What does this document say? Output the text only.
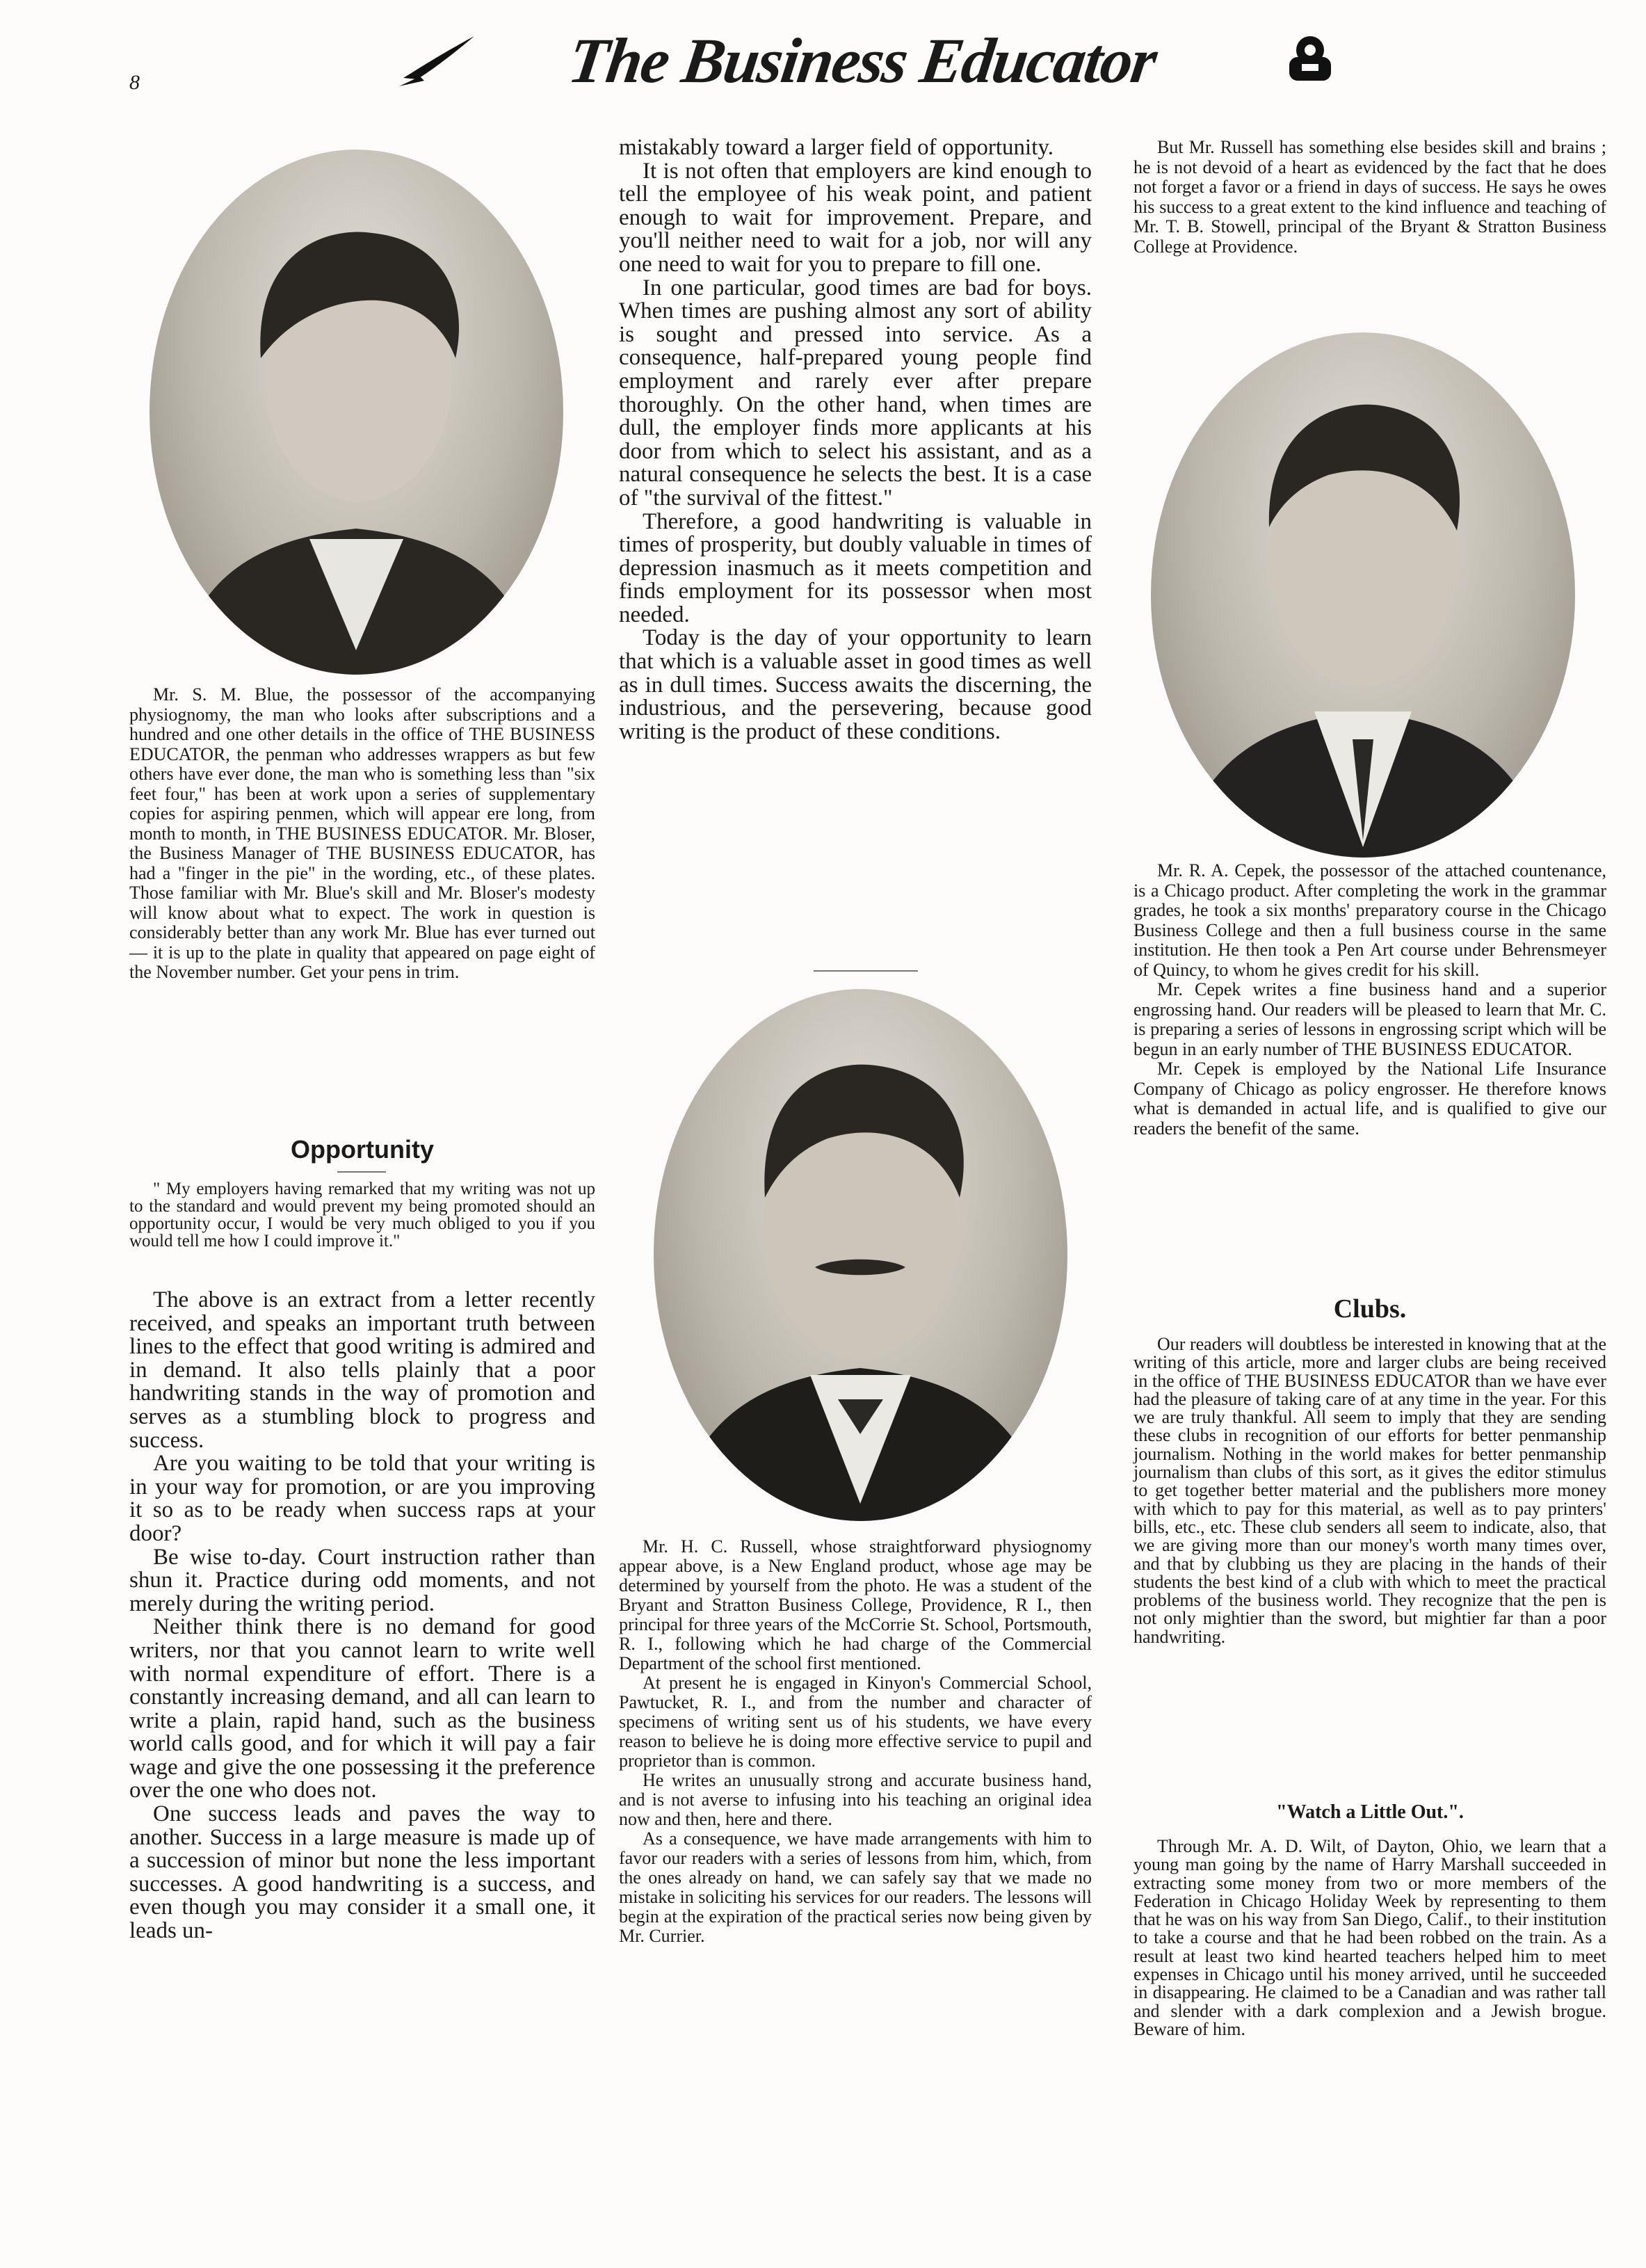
8	The Business Educator

Mr. S. M. Blue, the possessor of the accompanying physiognomy, the man who looks after subscriptions and a hundred and one other details in the office of THE BUSINESS EDUCATOR, the penman who addresses wrappers as but few others have ever done, the man who is something less than "six feet four," has been at work upon a series of supplementary copies for aspiring penmen, which will appear ere long, from month to month, in THE BUSINESS EDUCATOR. Mr. Bloser, the Business Manager of THE BUSINESS EDUCATOR, has had a "finger in the pie" in the wording, etc., of these plates. Those familiar with Mr. Blue's skill and Mr. Bloser's modesty will know about what to expect. The work in question is considerably better than any work Mr. Blue has ever turned out — it is up to the plate in quality that appeared on page eight of the November number. Get your pens in trim.

Opportunity

" My employers having remarked that my writing was not up to the standard and would prevent my being promoted should an opportunity occur, I would be very much obliged to you if you would tell me how I could improve it."

The above is an extract from a letter recently received, and speaks an important truth between lines to the effect that good writing is admired and in demand. It also tells plainly that a poor handwriting stands in the way of promotion and serves as a stumbling block to progress and success.

Are you waiting to be told that your writing is in your way for promotion, or are you improving it so as to be ready when success raps at your door?

Be wise to-day. Court instruction rather than shun it. Practice during odd moments, and not merely during the writing period.

Neither think there is no demand for good writers, nor that you cannot learn to write well with normal expenditure of effort. There is a constantly increasing demand, and all can learn to write a plain, rapid hand, such as the business world calls good, and for which it will pay a fair wage and give the one possessing it the preference over the one who does not.

One success leads and paves the way to another. Success in a large measure is made up of a succession of minor but none the less important successes. A good handwriting is a success, and even though you may consider it a small one, it leads un-

mistakably toward a larger field of opportunity.

It is not often that employers are kind enough to tell the employee of his weak point, and patient enough to wait for improvement. Prepare, and you'll neither need to wait for a job, nor will any one need to wait for you to prepare to fill one.

In one particular, good times are bad for boys. When times are pushing almost any sort of ability is sought and pressed into service. As a consequence, half-prepared young people find employment and rarely ever after prepare thoroughly. On the other hand, when times are dull, the employer finds more applicants at his door from which to select his assistant, and as a natural consequence he selects the best. It is a case of "the survival of the fittest."

Therefore, a good handwriting is valuable in times of prosperity, but doubly valuable in times of depression inasmuch as it meets competition and finds employment for its possessor when most needed.

Today is the day of your opportunity to learn that which is a valuable asset in good times as well as in dull times. Success awaits the discerning, the industrious, and the persevering, because good writing is the product of these conditions.

Mr. H. C. Russell, whose straightforward physiognomy appear above, is a New England product, whose age may be determined by yourself from the photo. He was a student of the Bryant and Stratton Business College, Providence, R I., then principal for three years of the McCorrie St. School, Portsmouth, R. I., following which he had charge of the Commercial Department of the school first mentioned.

At present he is engaged in Kinyon's Commercial School, Pawtucket, R. I., and from the number and character of specimens of writing sent us of his students, we have every reason to believe he is doing more effective service to pupil and proprietor than is common.

He writes an unusually strong and accurate business hand, and is not averse to infusing into his teaching an original idea now and then, here and there.

As a consequence, we have made arrangements with him to favor our readers with a series of lessons from him, which, from the ones already on hand, we can safely say that we made no mistake in soliciting his services for our readers. The lessons will begin at the expiration of the practical series now being given by Mr. Currier.

But Mr. Russell has something else besides skill and brains ; he is not devoid of a heart as evidenced by the fact that he does not forget a favor or a friend in days of success. He says he owes his success to a great extent to the kind influence and teaching of Mr. T. B. Stowell, principal of the Bryant & Stratton Business College at Providence.

Mr. R. A. Cepek, the possessor of the attached countenance, is a Chicago product. After completing the work in the grammar grades, he took a six months' preparatory course in the Chicago Business College and then a full business course in the same institution. He then took a Pen Art course under Behrensmeyer of Quincy, to whom he gives credit for his skill.

Mr. Cepek writes a fine business hand and a superior engrossing hand. Our readers will be pleased to learn that Mr. C. is preparing a series of lessons in engrossing script which will be begun in an early number of THE BUSINESS EDUCATOR.

Mr. Cepek is employed by the National Life Insurance Company of Chicago as policy engrosser. He therefore knows what is demanded in actual life, and is qualified to give our readers the benefit of the same.

Clubs.

Our readers will doubtless be interested in knowing that at the writing of this article, more and larger clubs are being received in the office of THE BUSINESS EDUCATOR than we have ever had the pleasure of taking care of at any time in the year. For this we are truly thankful. All seem to imply that they are sending these clubs in recognition of our efforts for better penmanship journalism. Nothing in the world makes for better penmanship journalism than clubs of this sort, as it gives the editor stimulus to get together better material and the publishers more money with which to pay for this material, as well as to pay printers' bills, etc., etc. These club senders all seem to indicate, also, that we are giving more than our money's worth many times over, and that by clubbing us they are placing in the hands of their students the best kind of a club with which to meet the practical problems of the business world. They recognize that the pen is not only mightier than the sword, but mightier far than a poor handwriting.

"Watch a Little Out.".

Through Mr. A. D. Wilt, of Dayton, Ohio, we learn that a young man going by the name of Harry Marshall succeeded in extracting some money from two or more members of the Federation in Chicago Holiday Week by representing to them that he was on his way from San Diego, Calif., to their institution to take a course and that he had been robbed on the train. As a result at least two kind hearted teachers helped him to meet expenses in Chicago until his money arrived, until he succeeded in disappearing. He claimed to be a Canadian and was rather tall and slender with a dark complexion and a Jewish brogue. Beware of him.
